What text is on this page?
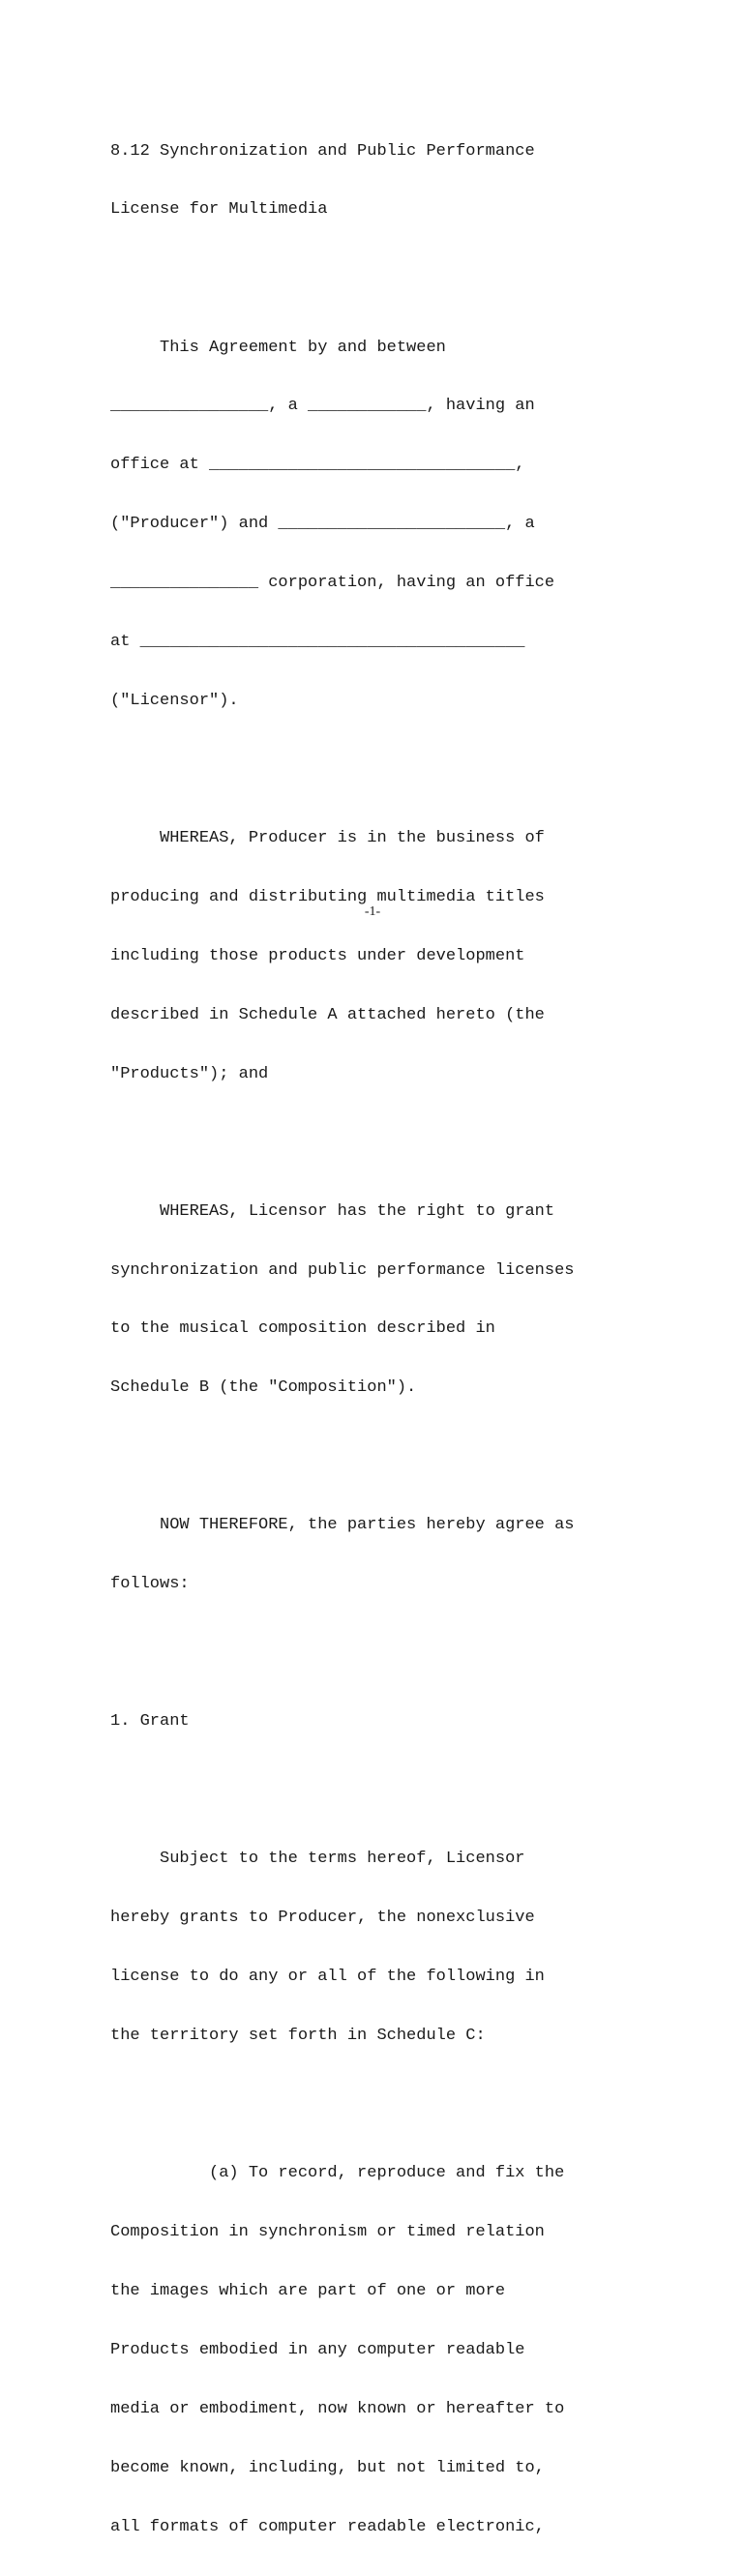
8.12 Synchronization and Public Performance

License for Multimedia

This Agreement by and between

________________, a ____________, having an

office at _______________________________,

("Producer") and _______________________, a

_______________ corporation, having an office

at _______________________________________

("Licensor").

WHEREAS, Producer is in the business of

producing and distributing multimedia titles

including those products under development

described in Schedule A attached hereto (the

"Products"); and

WHEREAS, Licensor has the right to grant

synchronization and public performance licenses

to the musical composition described in

Schedule B (the "Composition").

NOW THEREFORE, the parties hereby agree as

follows:

1. Grant

Subject to the terms hereof, Licensor

hereby grants to Producer, the nonexclusive

license to do any or all of the following in

the territory set forth in Schedule C:

(a) To record, reproduce and fix the

Composition in synchronism or timed relation

the images which are part of one or more

Products embodied in any computer readable

media or embodiment, now known or hereafter to

become known, including, but not limited to,

all formats of computer readable electronic,

-1-
